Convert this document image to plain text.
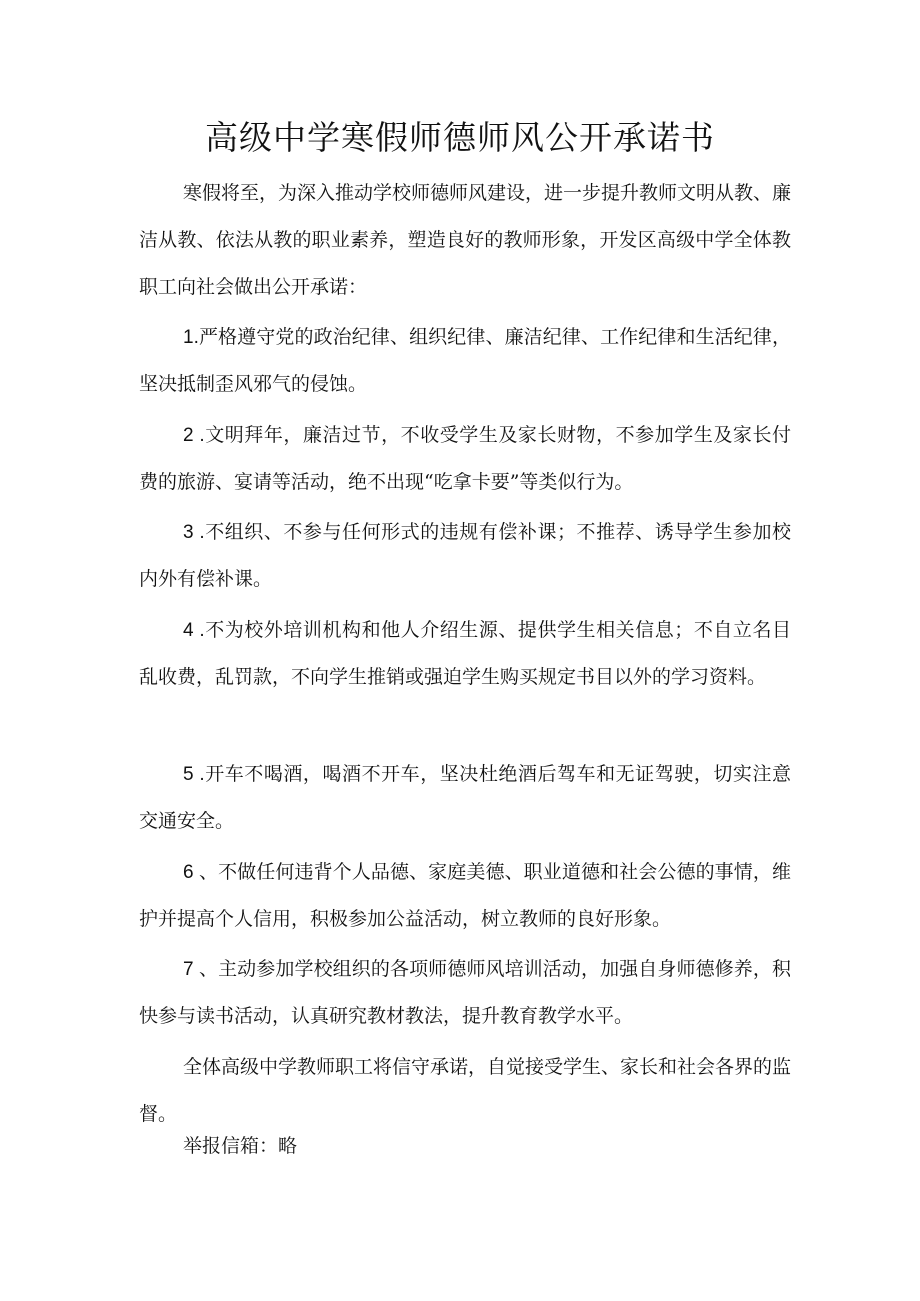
高级中学寒假师德师风公开承诺书

寒假将至，为深入推动学校师德师风建设，进一步提升教师文明从教、廉洁从教、依法从教的职业素养，塑造良好的教师形象，开发区高级中学全体教职工向社会做出公开承诺：

1.严格遵守党的政治纪律、组织纪律、廉洁纪律、工作纪律和生活纪律，坚决抵制歪风邪气的侵蚀。

2 .文明拜年，廉洁过节，不收受学生及家长财物，不参加学生及家长付费的旅游、宴请等活动，绝不出现“吃拿卡要”等类似行为。

3 .不组织、不参与任何形式的违规有偿补课；不推荐、诱导学生参加校内外有偿补课。

4 .不为校外培训机构和他人介绍生源、提供学生相关信息；不自立名目乱收费，乱罚款，不向学生推销或强迫学生购买规定书目以外的学习资料。

5 .开车不喝酒，喝酒不开车，坚决杜绝酒后驾车和无证驾驶，切实注意交通安全。

6 、不做任何违背个人品德、家庭美德、职业道德和社会公德的事情，维护并提高个人信用，积极参加公益活动，树立教师的良好形象。

7 、主动参加学校组织的各项师德师风培训活动，加强自身师德修养，积快参与读书活动，认真研究教材教法，提升教育教学水平。

全体高级中学教师职工将信守承诺，自觉接受学生、家长和社会各界的监督。

举报信箱：略
